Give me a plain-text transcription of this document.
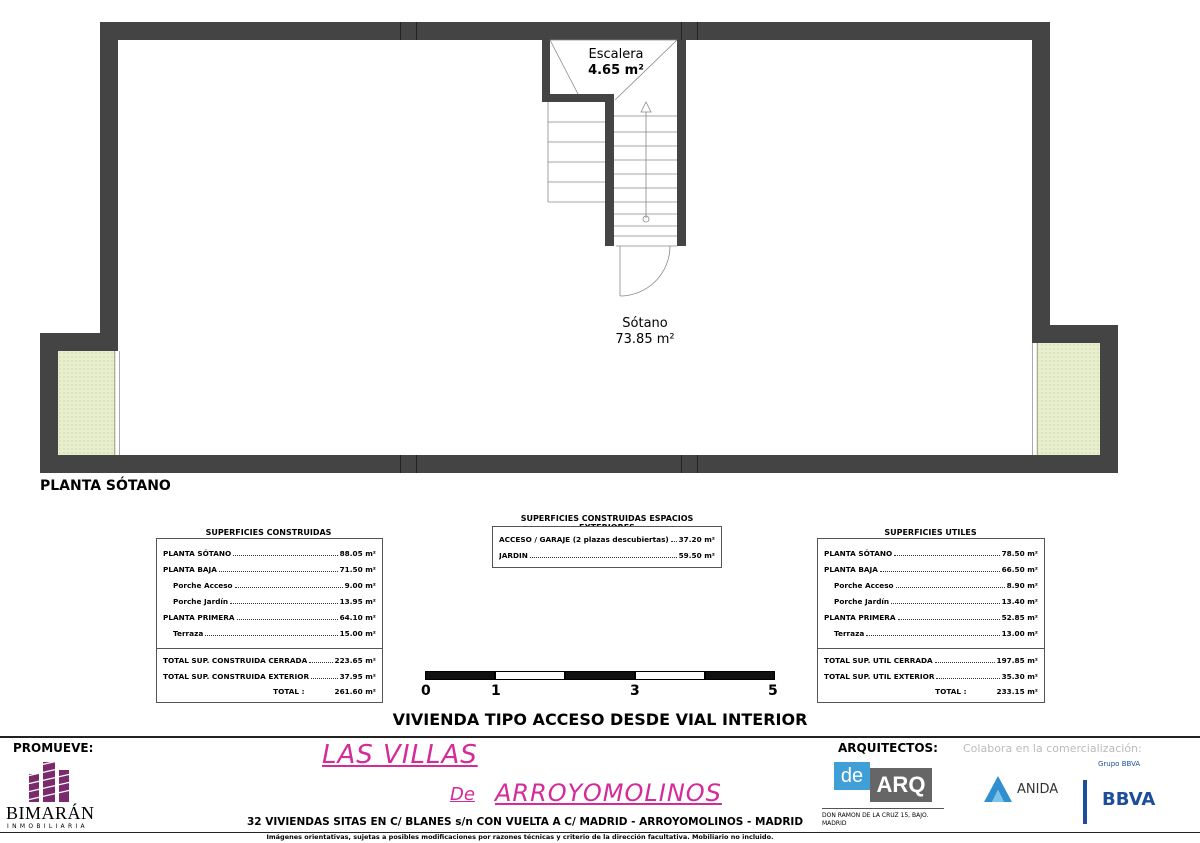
Escalera
4.65 m²
Sótano
73.85 m²
PLANTA SÓTANO
PLANTA SÓTANO	88.05 m²
PLANTA BAJA	71.50 m²
Porche Acceso	9.00 m²
Porche Jardín	13.95 m²
PLANTA PRIMERA	64.10 m²
Terraza	15.00 m²
TOTAL SUP. CONSTRUIDA CERRADA	223.65 m²
TOTAL SUP. CONSTRUIDA EXTERIOR	37.95 m²
TOTAL :	261.60 m²
SUPERFICIES CONSTRUIDAS
SUPERFICIES CONSTRUIDAS ESPACIOS
ACCESO / GARAJE (2 plazas descubiertas) 37.20 m²
JARDIN	59.50 m²
SUPERFICIES UTILES
PLANTA SÓTANO	78.50 m²
PLANTA BAJA	66.50 m²
Porche Acceso	8.90 m²
Porche Jardín	13.40 m²
PLANTA PRIMERA	52.85 m²
Terraza	13.00 m²
TOTAL SUP. UTIL CERRADA	197.85 m²
TOTAL SUP. UTIL EXTERIOR	35.30 m²
TOTAL :	233.15 m²
0	1	3	5
VIVIENDA TIPO ACCESO DESDE VIAL INTERIOR
PROMUEVE:
BIMARÁN
INMOBILIARIA
LAS VILLAS
De ARROYOMOLINOS
32 VIVIENDAS SITAS EN C/ BLANES s/n CON VUELTA A C/ MADRID - ARROYOMOLINOS - MADRID
Imágenes orientativas, sujetas a posibles modificaciones por razones técnicas y criterio de la dirección facultativa. Mobiliario no incluido.
ARQUITECTOS:
de ARQ
DON RAMON DE LA CRUZ 15, BAJO. MADRID
Colabora en la comercialización:
Grupo BBVA
ANIDA BBVA
